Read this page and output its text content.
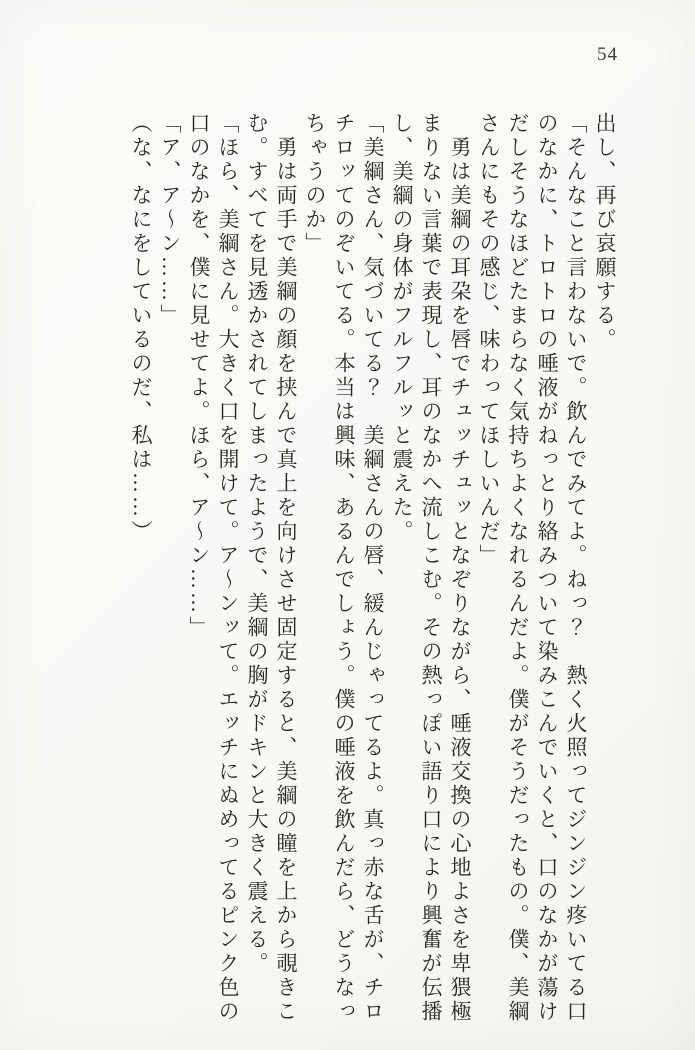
54

出し、再び哀願する。

「そんなこと言わないで。飲んでみてよ。ねっ？　熱く火照ってジンジン疼いてる口

のなかに、トロトロの唾液がねっとり絡みついて染みこんでいくと、口のなかが蕩け

だしそうなほどたまらなく気持ちよくなれるんだよ。僕がそうだったもの。僕、美綱

さんにもその感じ、味わってほしいんだ」

　勇は美綱の耳朶を唇でチュッチュッとなぞりながら、唾液交換の心地よさを卑猥極

まりない言葉で表現し、耳のなかへ流しこむ。その熱っぽい語り口により興奮が伝播

し、美綱の身体がフルフルッと震えた。

「美綱さん、気づいてる？　美綱さんの唇、緩んじゃってるよ。真っ赤な舌が、チロ

チロッてのぞいてる。本当は興味、あるんでしょう。僕の唾液を飲んだら、どうなっ

ちゃうのか」

　勇は両手で美綱の顔を挟んで真上を向けさせ固定すると、美綱の瞳を上から覗きこ

む。すべてを見透かされてしまったようで、美綱の胸がドキンと大きく震える。

「ほら、美綱さん。大きく口を開けて。ア〜ンッて。エッチにぬめってるピンク色の

口のなかを、僕に見せてよ。ほら、ア〜ン……」

「ア、ア〜ン……」

（な、なにをしているのだ、私は……）
